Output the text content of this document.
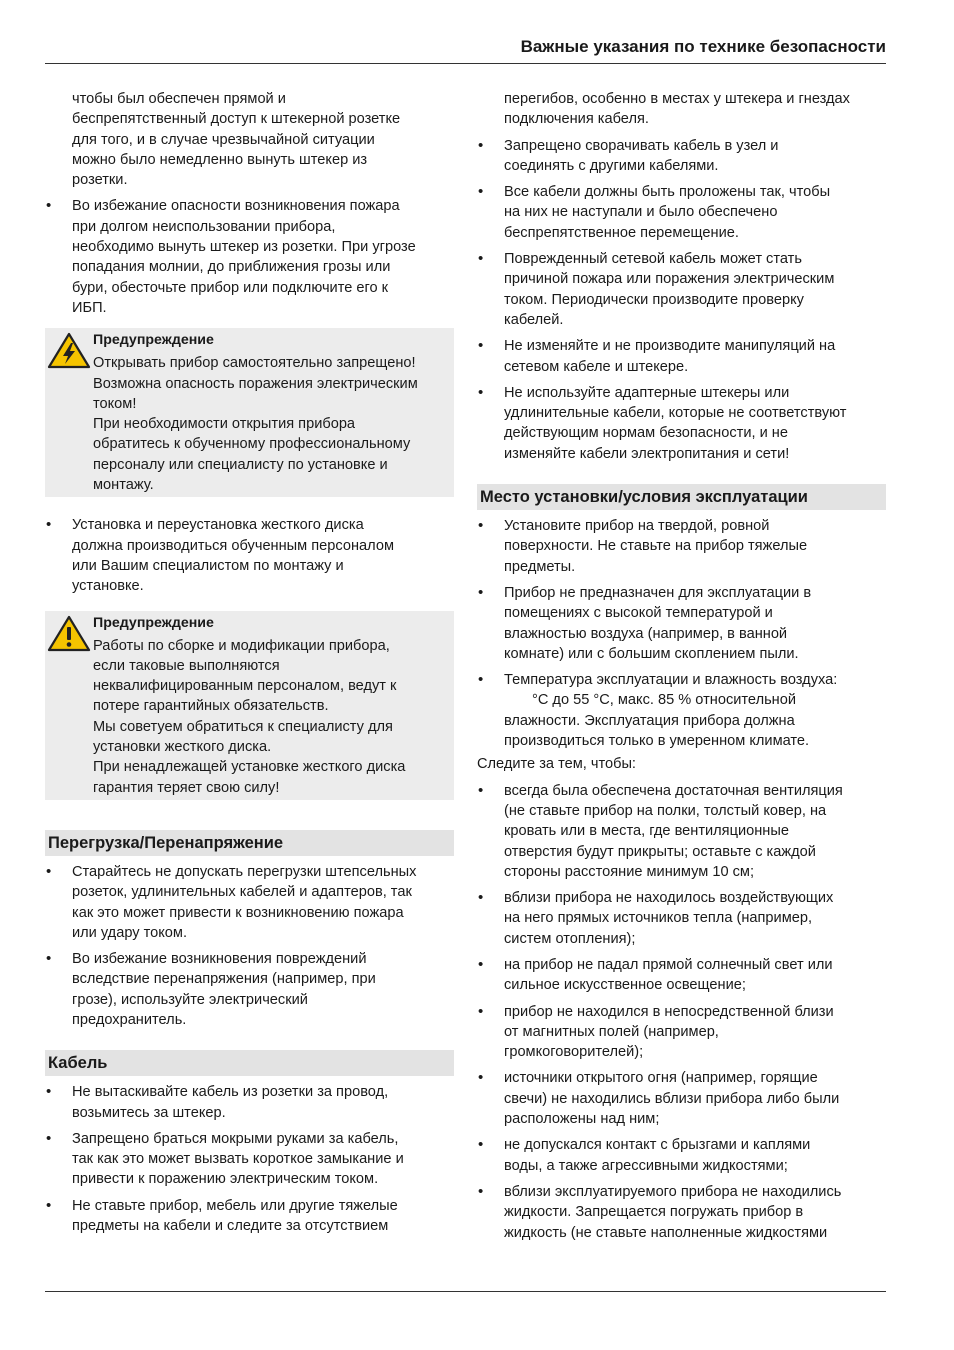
Важные указания по технике безопасности

чтобы был обеспечен прямой и
беспрепятственный доступ к штекерной розетке
для того, и в случае чрезвычайной ситуации
можно было немедленно вынуть штекер из
розетки.

• Во избежание опасности возникновения пожара
при долгом неиспользовании прибора,
необходимо вынуть штекер из розетки. При угрозе
попадания молнии, до приближения грозы или
бури, обесточьте прибор или подключите его к
ИБП.
Предупреждение
Открывать прибор самостоятельно запрещено!
Возможна опасность поражения электрическим
током!
При необходимости открытия прибора
обратитесь к обученному профессиональному
персоналу или специалисту по установке и
монтажу.
• Установка и переустановка жесткого диска
должна производиться обученным персоналом
или Вашим специалистом по монтажу и
установке.
Предупреждение
Работы по сборке и модификации прибора,
если таковые выполняются
неквалифицированным персоналом, ведут к
потере гарантийных обязательств.
Мы советуем обратиться к специалисту для
установки жесткого диска.
При ненадлежащей установке жесткого диска
гарантия теряет свою силу!
Перегрузка/Перенапряжение
• Старайтесь не допускать перегрузки штепсельных
розеток, удлинительных кабелей и адаптеров, так
как это может привести к возникновению пожара
или удару током.
• Во избежание возникновения повреждений
вследствие перенапряжения (например, при
грозе), используйте электрический
предохранитель.
Кабель
• Не вытаскивайте кабель из розетки за провод,
возьмитесь за штекер.
• Запрещено браться мокрыми руками за кабель,
так как это может вызвать короткое замыкание и
привести к поражению электрическим током.
• Не ставьте прибор, мебель или другие тяжелые
предметы на кабели и следите за отсутствием

перегибов, особенно в местах у штекера и гнездах
подключения кабеля.

• Запрещено сворачивать кабель в узел и
соединять с другими кабелями.
• Все кабели должны быть проложены так, чтобы
на них не наступали и было обеспечено
беспрепятственное перемещение.
• Поврежденный сетевой кабель может стать
причиной пожара или поражения электрическим
током. Периодически производите проверку
кабелей.
• Не изменяйте и не производите манипуляций на
сетевом кабеле и штекере.
• Не используйте адаптерные штекеры или
удлинительные кабели, которые не соответствуют
действующим нормам безопасности, и не
изменяйте кабели электропитания и сети!
Место установки/условия эксплуатации
• Установите прибор на твердой, ровной
поверхности. Не ставьте на прибор тяжелые
предметы.
• Прибор не предназначен для эксплуатации в
помещениях с высокой температурой и
влажностью воздуха (например, в ванной
комнате) или с большим скоплением пыли.
• Температура эксплуатации и влажность воздуха:
°C до 55 °C, макс. 85 % относительной
влажности. Эксплуатация прибора должна
производиться только в умеренном климате.

Следите за тем, чтобы:

• всегда была обеспечена достаточная вентиляция
(не ставьте прибор на полки, толстый ковер, на
кровать или в места, где вентиляционные
отверстия будут прикрыты; оставьте с каждой
стороны расстояние минимум 10 см;
• вблизи прибора не находилось воздействующих
на него прямых источников тепла (например,
систем отопления);
• на прибор не падал прямой солнечный свет или
сильное искусственное освещение;
• прибор не находился в непосредственной близи
от магнитных полей (например,
громкоговорителей);
• источники открытого огня (например, горящие
свечи) не находились вблизи прибора либо были
расположены над ним;
• не допускался контакт с брызгами и каплями
воды, а также агрессивными жидкостями;
• вблизи эксплуатируемого прибора не находились
жидкости. Запрещается погружать прибор в
жидкость (не ставьте наполненные жидкостями
